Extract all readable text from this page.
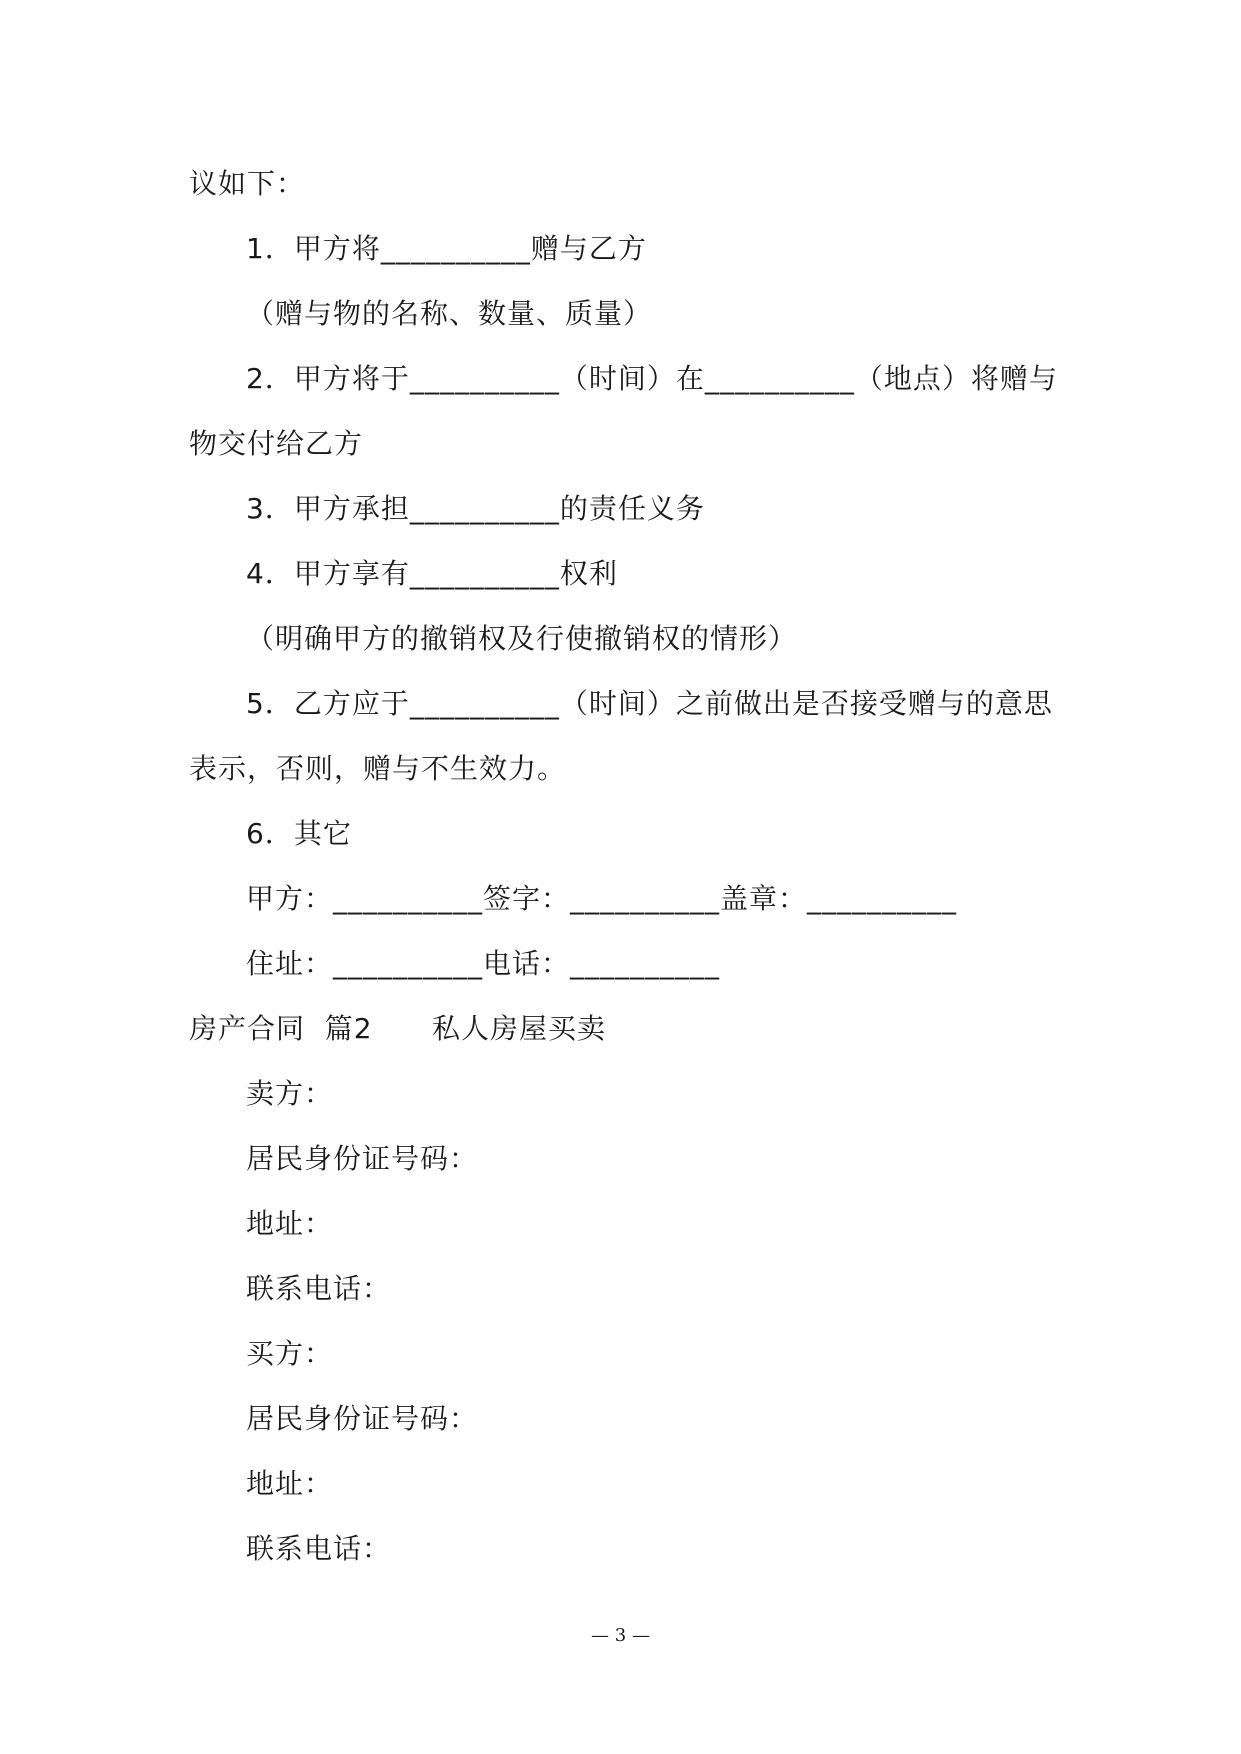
议如下：
1．甲方将__________赠与乙方
（赠与物的名称、数量、质量）
2．甲方将于__________（时间）在__________（地点）将赠与
物交付给乙方
3．甲方承担__________的责任义务
4．甲方享有__________权利
（明确甲方的撤销权及行使撤销权的情形）
5．乙方应于__________（时间）之前做出是否接受赠与的意思
表示，否则，赠与不生效力。
6．其它
甲方：__________签字：__________盖章：__________
住址：__________电话：__________
房产合同  篇2      私人房屋买卖
卖方：
居民身份证号码：
地址：
联系电话：
买方：
居民身份证号码：
地址：
联系电话：
— 3 —
